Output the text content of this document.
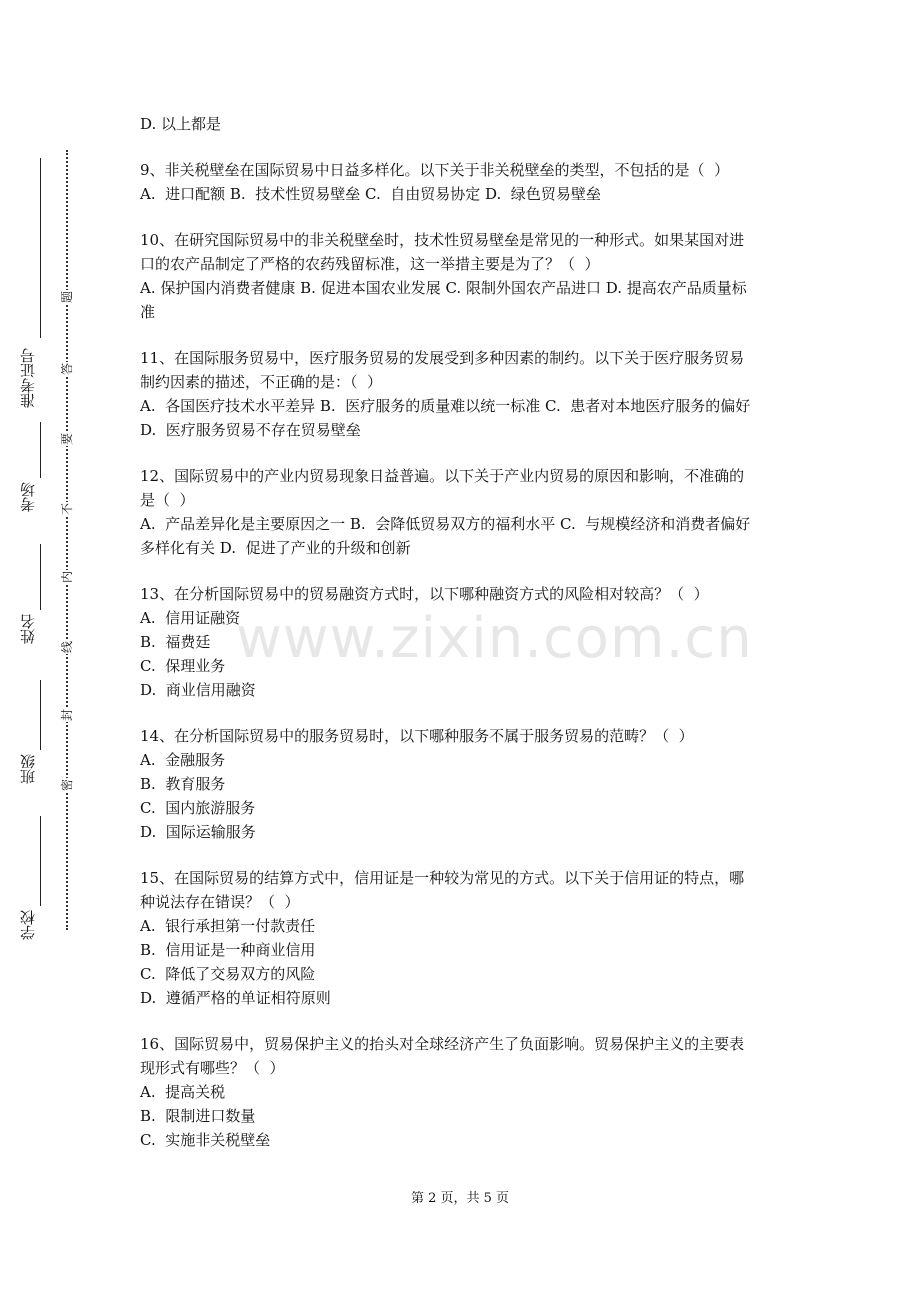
准考证号
考场
姓名
班级
学校
题
答
要
不
内
线
封
密
www.zixin.com.cn
D. 以上都是
9、非关税壁垒在国际贸易中日益多样化。以下关于非关税壁垒的类型，不包括的是（  ）
A.  进口配额 B.  技术性贸易壁垒 C.  自由贸易协定 D.  绿色贸易壁垒
10、在研究国际贸易中的非关税壁垒时，技术性贸易壁垒是常见的一种形式。如果某国对进
口的农产品制定了严格的农药残留标准，这一举措主要是为了？（  ）
A. 保护国内消费者健康 B. 促进本国农业发展 C. 限制外国农产品进口 D. 提高农产品质量标
准
11、在国际服务贸易中，医疗服务贸易的发展受到多种因素的制约。以下关于医疗服务贸易
制约因素的描述，不正确的是：（  ）
A.  各国医疗技术水平差异 B.  医疗服务的质量难以统一标准 C.  患者对本地医疗服务的偏好
D.  医疗服务贸易不存在贸易壁垒
12、国际贸易中的产业内贸易现象日益普遍。以下关于产业内贸易的原因和影响，不准确的
是（  ）
A.  产品差异化是主要原因之一 B.  会降低贸易双方的福利水平 C.  与规模经济和消费者偏好
多样化有关 D.  促进了产业的升级和创新
13、在分析国际贸易中的贸易融资方式时，以下哪种融资方式的风险相对较高？（  ）
A.  信用证融资
B.  福费廷
C.  保理业务
D.  商业信用融资
14、在分析国际贸易中的服务贸易时，以下哪种服务不属于服务贸易的范畴？（  ）
A.  金融服务
B.  教育服务
C.  国内旅游服务
D.  国际运输服务
15、在国际贸易的结算方式中，信用证是一种较为常见的方式。以下关于信用证的特点，哪
种说法存在错误？（  ）
A.  银行承担第一付款责任
B.  信用证是一种商业信用
C.  降低了交易双方的风险
D.  遵循严格的单证相符原则
16、国际贸易中，贸易保护主义的抬头对全球经济产生了负面影响。贸易保护主义的主要表
现形式有哪些？（  ）
A.  提高关税
B.  限制进口数量
C.  实施非关税壁垒
第 2 页，共 5 页
